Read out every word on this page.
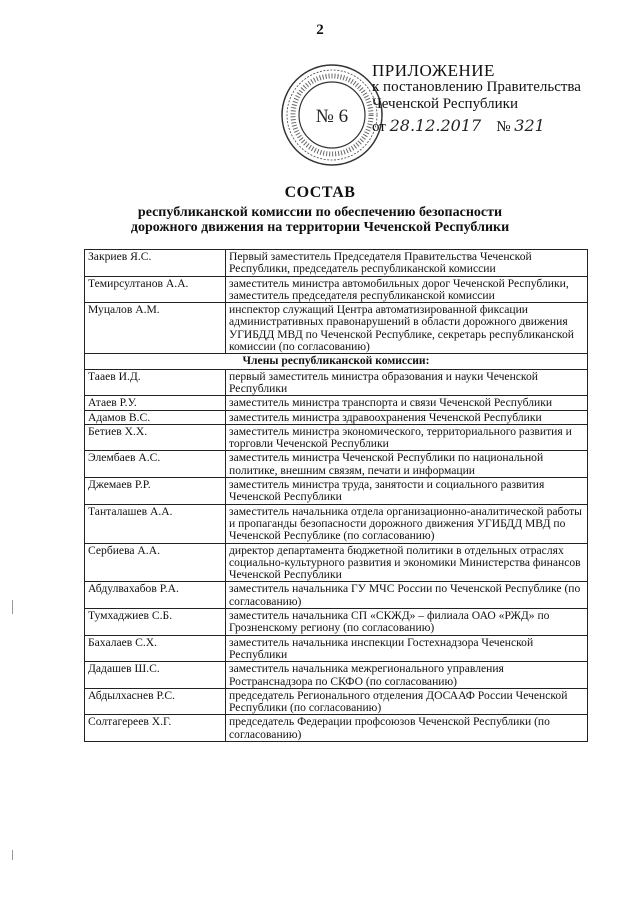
2
№ 6
ПРИЛОЖЕНИЕ
к постановлению Правительства
Чеченской Республики
от 28.12.2017 № 321
СОСТАВ
республиканской комиссии по обеспечению безопасности дорожного движения на территории Чеченской Республики
Закриев Я.С.	Первый заместитель Председателя Правительства Чеченской Республики, председатель республиканской комиссии
Темирсултанов А.А.	заместитель министра автомобильных дорог Чеченской Республики, заместитель председателя республиканской комиссии
Муцалов А.М.	инспектор служащий Центра автоматизированной фиксации административных правонарушений в области дорожного движения УГИБДД МВД по Чеченской Республике, секретарь республиканской комиссии (по согласованию)
Члены республиканской комиссии:	
Тааев И.Д.	первый заместитель министра образования и науки Чеченской Республики
Атаев Р.У.	заместитель министра транспорта и связи Чеченской Республики
Адамов В.С.	заместитель министра здравоохранения Чеченской Республики
Бетиев Х.Х.	заместитель министра экономического, территориального развития и торговли Чеченской Республики
Элембаев А.С.	заместитель министра Чеченской Республики по национальной политике, внешним связям, печати и информации
Джемаев Р.Р.	заместитель министра труда, занятости и социального развития Чеченской Республики
Танталашев А.А.	заместитель начальника отдела организационно-аналитической работы и пропаганды безопасности дорожного движения УГИБДД МВД по Чеченской Республике (по согласованию)
Сербиева А.А.	директор департамента бюджетной политики в отдельных отраслях социально-культурного развития и экономики Министерства финансов Чеченской Республики
Абдулвахабов Р.А.	заместитель начальника ГУ МЧС России по Чеченской Республике (по согласованию)
Тумхаджиев С.Б.	заместитель начальника СП «СКЖД» – филиала ОАО «РЖД» по Грозненскому региону (по согласованию)
Бахалаев С.Х.	заместитель начальника инспекции Гостехнадзора Чеченской Республики
Дадашев Ш.С.	заместитель начальника межрегионального управления Ространснадзора по СКФО (по согласованию)
Абдылхаснев Р.С.	председатель Регионального отделения ДОСААФ России Чеченской Республики (по согласованию)
Солтагереев Х.Г.	председатель Федерации профсоюзов Чеченской Республики (по согласованию)
